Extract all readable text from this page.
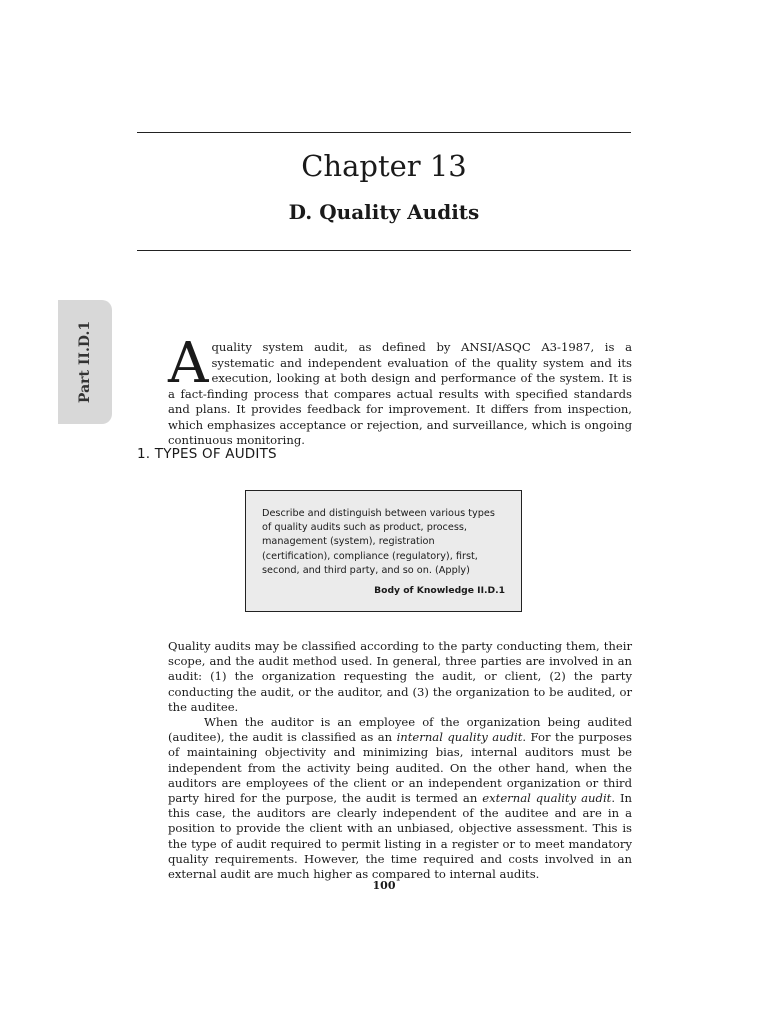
Chapter 13
D. Quality Audits
Part II.D.1 A quality system audit, as defined by ANSI/ASQC A3-1987, is a systematic and independent evaluation of the quality system and its execution, looking at both design and performance of the system. It is a fact-finding process that compares actual results with specified standards and plans. It provides feedback for improvement. It differs from inspection, which emphasizes acceptance or rejection, and surveillance, which is ongoing continuous monitoring.

1. TYPES OF AUDITS

Describe and distinguish between various types of quality audits such as product, process, management (system), registration (certification), compliance (regulatory), first, second, and third party, and so on. (Apply)

Body of Knowledge II.D.1

Quality audits may be classified according to the party conducting them, their scope, and the audit method used. In general, three parties are involved in an audit: (1) the organization requesting the audit, or client, (2) the party conducting the audit, or the auditor, and (3) the organization to be audited, or the auditee.

When the auditor is an employee of the organization being audited (auditee), the audit is classified as an internal quality audit. For the purposes of maintaining objectivity and minimizing bias, internal auditors must be independent from the activity being audited. On the other hand, when the auditors are employees of the client or an independent organization or third party hired for the purpose, the audit is termed an external quality audit. In this case, the auditors are clearly independent of the auditee and are in a position to provide the client with an unbiased, objective assessment. This is the type of audit required to permit listing in a register or to meet mandatory quality requirements. However, the time required and costs involved in an external audit are much higher as compared to internal audits.

100
